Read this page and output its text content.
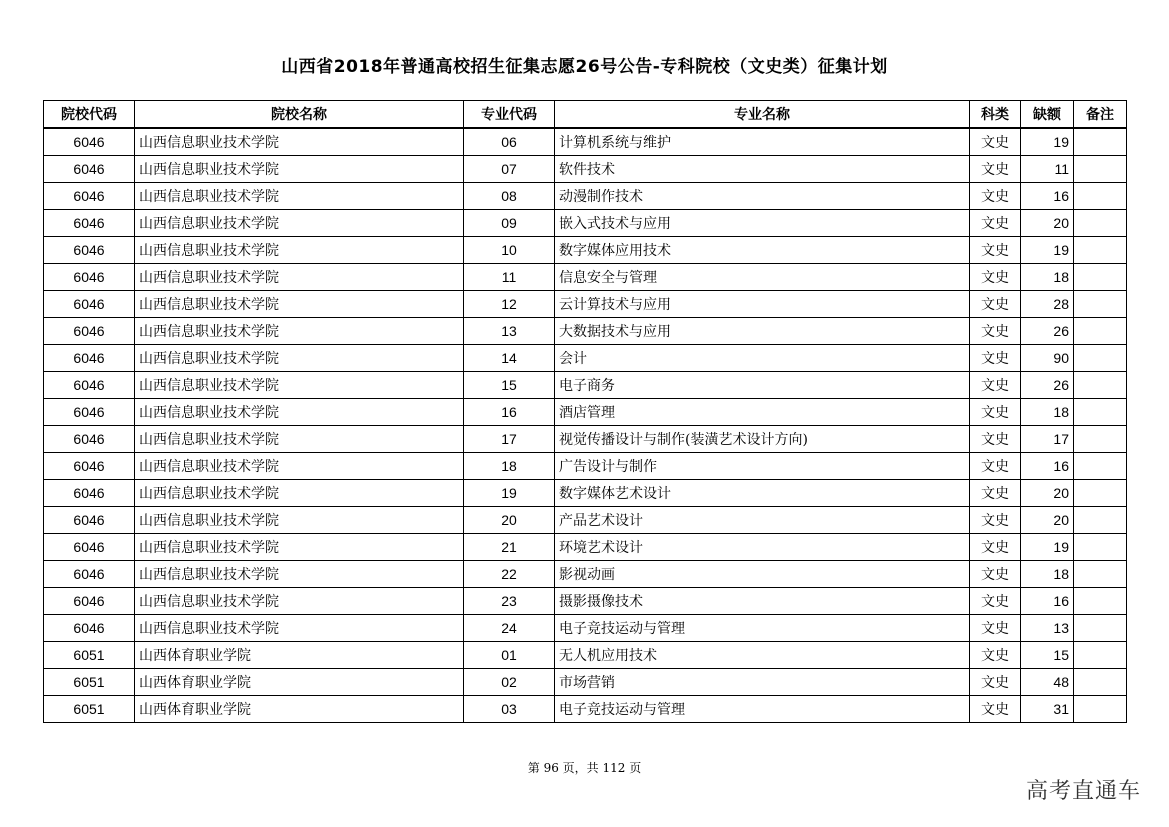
山西省2018年普通高校招生征集志愿26号公告-专科院校（文史类）征集计划
院校代码	院校名称	专业代码	专业名称	科类	缺额	备注
6046	山西信息职业技术学院	06	计算机系统与维护	文史	19	
6046	山西信息职业技术学院	07	软件技术	文史	11	
6046	山西信息职业技术学院	08	动漫制作技术	文史	16	
6046	山西信息职业技术学院	09	嵌入式技术与应用	文史	20	
6046	山西信息职业技术学院	10	数字媒体应用技术	文史	19	
6046	山西信息职业技术学院	11	信息安全与管理	文史	18	
6046	山西信息职业技术学院	12	云计算技术与应用	文史	28	
6046	山西信息职业技术学院	13	大数据技术与应用	文史	26	
6046	山西信息职业技术学院	14	会计	文史	90	
6046	山西信息职业技术学院	15	电子商务	文史	26	
6046	山西信息职业技术学院	16	酒店管理	文史	18	
6046	山西信息职业技术学院	17	视觉传播设计与制作(装潢艺术设计方向)	文史	17	
6046	山西信息职业技术学院	18	广告设计与制作	文史	16	
6046	山西信息职业技术学院	19	数字媒体艺术设计	文史	20	
6046	山西信息职业技术学院	20	产品艺术设计	文史	20	
6046	山西信息职业技术学院	21	环境艺术设计	文史	19	
6046	山西信息职业技术学院	22	影视动画	文史	18	
6046	山西信息职业技术学院	23	摄影摄像技术	文史	16	
6046	山西信息职业技术学院	24	电子竞技运动与管理	文史	13	
6051	山西体育职业学院	01	无人机应用技术	文史	15	
6051	山西体育职业学院	02	市场营销	文史	48	
6051	山西体育职业学院	03	电子竞技运动与管理	文史	31	
第 96 页，共 112 页
高考直通车
